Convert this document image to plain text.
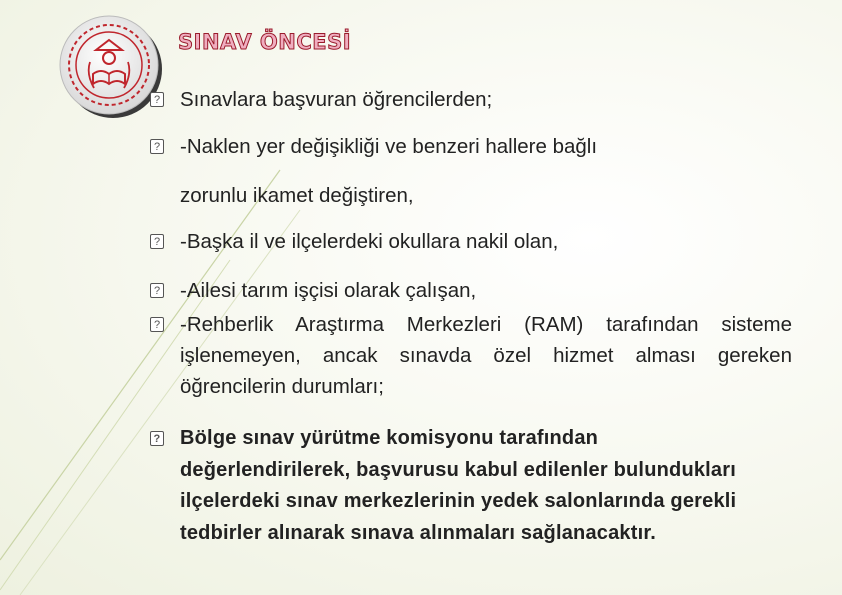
SINAV ÖNCESİ
? Sınavlara başvuran öğrencilerden;
? -Naklen yer değişikliği ve benzeri hallere bağlı
zorunlu ikamet değiştiren,
? -Başka il ve ilçelerdeki okullara nakil olan,
? -Ailesi tarım işçisi olarak çalışan,
? -Rehberlik Araştırma Merkezleri (RAM) tarafından sisteme işlenemeyen, ancak sınavda özel hizmet alması gereken öğrencilerin durumları;
? Bölge sınav yürütme komisyonu tarafından değerlendirilerek, başvurusu kabul edilenler bulundukları ilçelerdeki sınav merkezlerinin yedek salonlarında gerekli tedbirler alınarak sınava alınmaları sağlanacaktır.
